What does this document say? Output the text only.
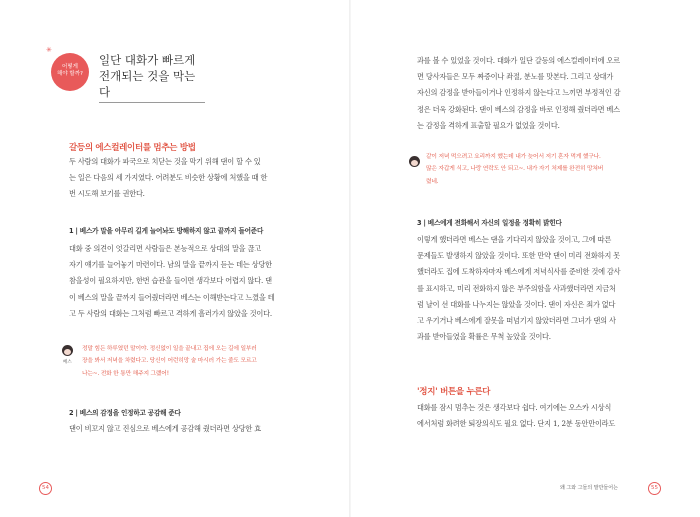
✳
어떻게
해야 할까?
일단 대화가 빠르게
전개되는 것을 막는다
갈등의 에스컬레이터를 멈추는 방법

두 사람의 대화가 파국으로 치닫는 것을 막기 위해 댄이 할 수 있

는 일은 다음의 세 가지였다. 어려분도 비슷한 상황에 처했을 때 한

번 시도해 보기를 권한다.

1 | 베스가 말을 아무리 길게 늘어놔도 방해하지 않고 끝까지 들어준다

대화 중 의견이 엇갈리면 사람들은 본능적으로 상대의 말을 끊고

자기 얘기를 늘어놓기 마련이다. 남의 말을 끝까지 듣는 데는 상당한

참을성이 필요하지만, 한번 습관을 들이면 생각보다 어렵지 않다. 댄

이 베스의 말을 끝까지 들어줬더라면 베스는 이해받는다고 느꼈을 테

고 두 사람의 대화는 그처럼 빠르고 격하게 흘러가지 않았을 것이다.

베스

정말 힘든 하루였던 말이야. 정신없이 일을 끝내고 집에 오는 길에 일부러

장을 봐서 저녁을 차렸다고. 당신이 어런히망 술 마시러 가는 줄도 모르고

나는~. 전화 한 통만 해주지 그랬어!

2 | 베스의 감정을 인정하고 공감해 준다

댄이 비꼬지 않고 진심으로 베스에게 공감해 줬더라면 상당한 효

54

과를 볼 수 있었을 것이다. 대화가 일단 갈등의 에스컬레이터에 오르

면 당사자들은 모두 짜증이나 좌절, 분노를 맛본다. 그리고 상대가

자신의 감정을 받아들이거나 인정하지 않는다고 느끼면 부정적인 감

정은 더욱 강화된다. 댄이 베스의 감정을 바로 인정해 줬더라면 베스

는 감정을 격하게 표출할 필요가 없었을 것이다.

같이 저녁 먹으려고 요리까지 했는데 내가 늦어서 저기 혼자 먹게 했구나.

많은 자갑게 식고, 나랑 연락도 안 되고~. 내가 자기 처제를 완전히 망쳐버

렸네.

3 | 베스에게 전화해서 자신의 일정을 정확히 밝힌다

이렇게 했더라면 베스는 댄을 기다리지 않았을 것이고, 그에 따른

문제들도 발생하지 않았을 것이다. 또한 만약 댄이 미리 전화하지 못

했더라도 집에 도착하자마자 베스에게 저녁식사를 준비한 것에 감사

를 표시하고, 미리 전화하지 않은 부주의함을 사과했더라면 지금처

럼 날이 선 대화를 나누지는 않았을 것이다. 댄이 자신은 죄가 없다

고 우기거나 베스에게 잘못을 떠넘기지 않았더라면 그녀가 댄의 사

과를 받아들였을 확률은 무척 높았을 것이다.

'정지' 버튼을 누른다

대화를 잠시 멈추는 것은 생각보다 쉽다. 여기에는 오스카 시상식

에서처럼 화려한 퇴장의식도 필요 없다. 단지 1, 2분 동안만이라도

왜 그와 그들의 말만들어는	55
